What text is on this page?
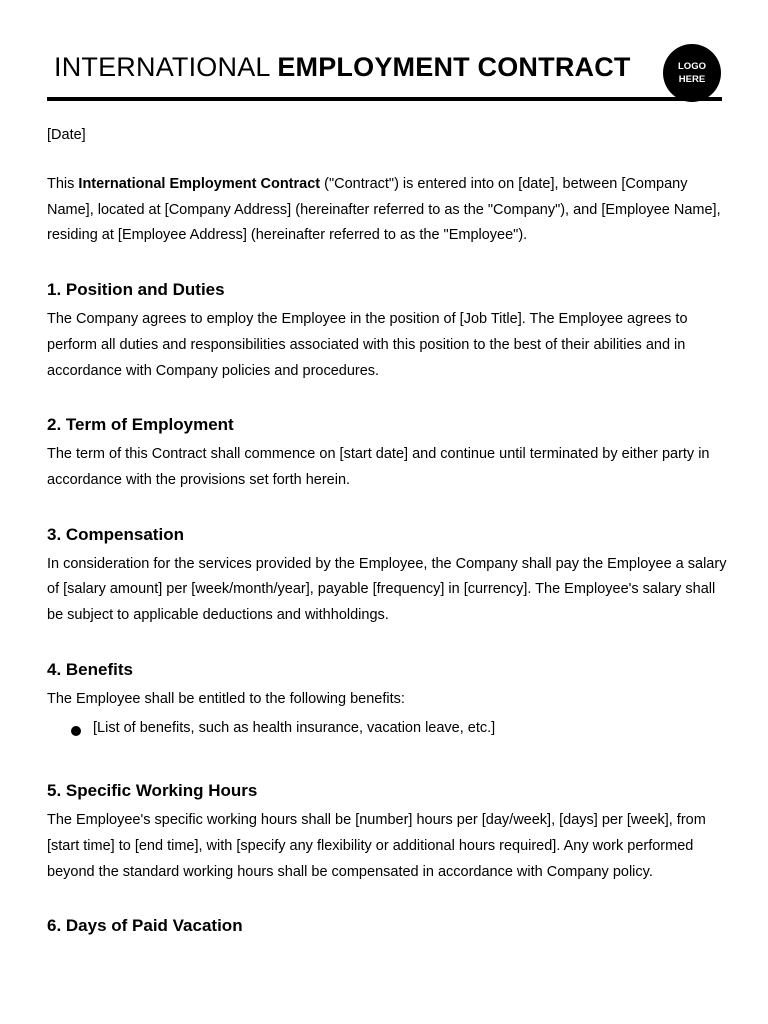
INTERNATIONAL EMPLOYMENT CONTRACT	LOGO
HERE

[Date]

This International Employment Contract ("Contract") is entered into on [date], between [Company Name], located at [Company Address] (hereinafter referred to as the "Company"), and [Employee Name], residing at [Employee Address] (hereinafter referred to as the "Employee").

1. Position and Duties

The Company agrees to employ the Employee in the position of [Job Title]. The Employee agrees to perform all duties and responsibilities associated with this position to the best of their abilities and in accordance with Company policies and procedures.

2. Term of Employment

The term of this Contract shall commence on [start date] and continue until terminated by either party in accordance with the provisions set forth herein.

3. Compensation

In consideration for the services provided by the Employee, the Company shall pay the Employee a salary of [salary amount] per [week/month/year], payable [frequency] in [currency]. The Employee's salary shall be subject to applicable deductions and withholdings.

4. Benefits

The Employee shall be entitled to the following benefits:

[List of benefits, such as health insurance, vacation leave, etc.]
5. Specific Working Hours

The Employee's specific working hours shall be [number] hours per [day/week], [days] per [week], from [start time] to [end time], with [specify any flexibility or additional hours required]. Any work performed beyond the standard working hours shall be compensated in accordance with Company policy.

6. Days of Paid Vacation
